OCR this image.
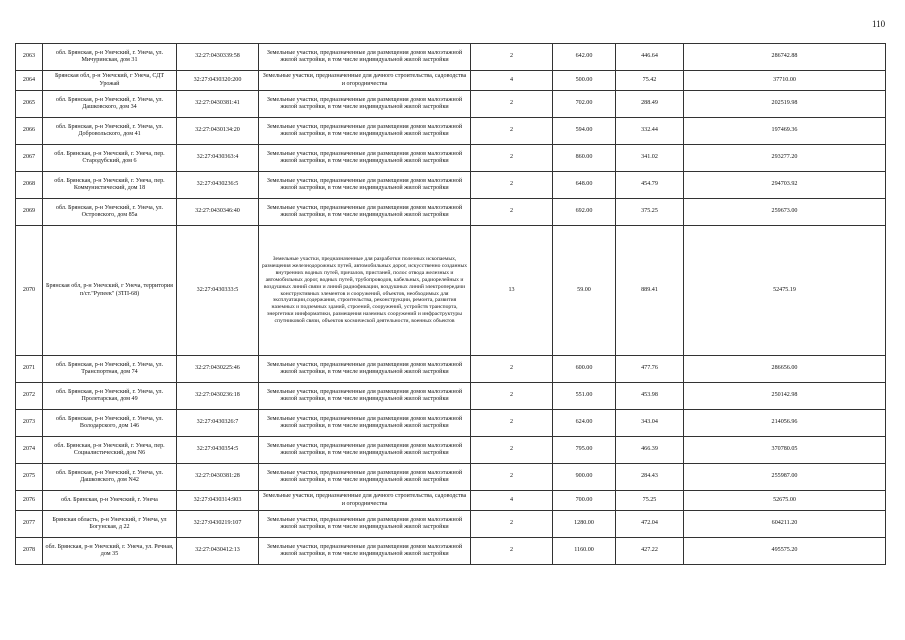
110
2063	обл. Брянская, р-н Унечский, г. Унеча, ул. Мичуринская, дом 31	32:27:0430339:58	Земельные участки, предназначенные для размещения домов малоэтажной жилой застройки, в том числе индивидуальной жилой застройки	2	642.00	446.64	286742.88
2064	Брянская обл, р-н Унечский, г Унеча, СДТ Урожай	32:27:0430320:200	Земельные участки, предназначенные для дачного строительства, садоводства и огородничества	4	500.00	75.42	37710.00
2065	обл. Брянская, р-н Унечский, г. Унеча, ул. Дашковского, дом 34	32:27:0430381:41	Земельные участки, предназначенные для размещения домов малоэтажной жилой застройки, в том числе индивидуальной жилой застройки	2	702.00	288.49	202519.98
2066	обл. Брянская, р-н Унечский, г. Унеча, ул. Добровольского, дом 41	32:27:0430134:20	Земельные участки, предназначенные для размещения домов малоэтажной жилой застройки, в том числе индивидуальной жилой застройки	2	594.00	332.44	197469.36
2067	обл. Брянская, р-н Унечский, г. Унеча, пер. Стародубский, дом 6	32:27:0430363:4	Земельные участки, предназначенные для размещения домов малоэтажной жилой застройки, в том числе индивидуальной жилой застройки	2	860.00	341.02	293277.20
2068	обл. Брянская, р-н Унечский, г. Унеча, пер. Коммунистический, дом 18	32:27:0430236:5	Земельные участки, предназначенные для размещения домов малоэтажной жилой застройки, в том числе индивидуальной жилой застройки	2	648.00	454.79	294703.92
2069	обл. Брянская, р-н Унечский, г. Унеча, ул. Островского, дом 85а	32:27:0430346:40	Земельные участки, предназначенные для размещения домов малоэтажной жилой застройки, в том числе индивидуальной жилой застройки	2	692.00	375.25	259673.00
2070	Брянская обл, р-н Унечский, г Унеча, территория п/ст."Рупеек" (ЗТП-68)	32:27:0430333:5	Земельные участки, предназначенные для разработки полезных ископаемых, размещения железнодорожных путей, автомобильных дорог, искусственно созданных внутренних водных путей, причалов, пристаней, полос отвода железных и автомобильных дорог, водных путей, трубопроводов, кабельных, радиорелейных и воздушных линий связи и линий радиофикации, воздушных линий электропередачи конструктивных элементов и сооружений, объектов, необходимых для эксплуатации,содержания, строительства, реконструкции, ремонта, развития наземных и подземных зданий, строений, сооружений, устройств транспорта, энергетики иинформатики, размещения наземных сооружений и инфраструктуры спутниковой связи, объектов космической деятельности, военных объектов	13	59.00	889.41	52475.19
2071	обл. Брянская, р-н Унечский, г. Унеча, ул. Транспортная, дом 74	32:27:0430225:46	Земельные участки, предназначенные для размещения домов малоэтажной жилой застройки, в том числе индивидуальной жилой застройки	2	600.00	477.76	286656.00
2072	обл. Брянская, р-н Унечский, г. Унеча, ул. Пролетарская, дом 49	32:27:0430236:18	Земельные участки, предназначенные для размещения домов малоэтажной жилой застройки, в том числе индивидуальной жилой застройки	2	551.00	453.98	250142.98
2073	обл. Брянская, р-н Унечский, г. Унеча, ул. Володарского, дом 146	32:27:0430326:7	Земельные участки, предназначенные для размещения домов малоэтажной жилой застройки, в том числе индивидуальной жилой застройки	2	624.00	343.04	214056.96
2074	обл. Брянская, р-н Унечский, г. Унеча, пер. Социалистический, дом N6	32:27:0430354:5	Земельные участки, предназначенные для размещения домов малоэтажной жилой застройки, в том числе индивидуальной жилой застройки	2	795.00	466.39	370780.05
2075	обл. Брянская, р-н Унечский, г. Унеча, ул. Дашковского, дом N42	32:27:0430381:28	Земельные участки, предназначенные для размещения домов малоэтажной жилой застройки, в том числе индивидуальной жилой застройки	2	900.00	284.43	255987.00
2076	обл. Брянская, р-н Унечский, г. Унеча	32:27:0430314:903	Земельные участки, предназначенные для дачного строительства, садоводства и огородничества	4	700.00	75.25	52675.00
2077	Брянская область, р-н Унечский, г Унеча, ул Богунская, д 22	32:27:0430219:107	Земельные участки, предназначенные для размещения домов малоэтажной жилой застройки, в том числе индивидуальной жилой застройки	2	1280.00	472.04	604211.20
2078	обл. Брянская, р-н Унечский, г. Унеча, ул. Речная, дом 35	32:27:0430412:13	Земельные участки, предназначенные для размещения домов малоэтажной жилой застройки, в том числе индивидуальной жилой застройки	2	1160.00	427.22	495575.20
